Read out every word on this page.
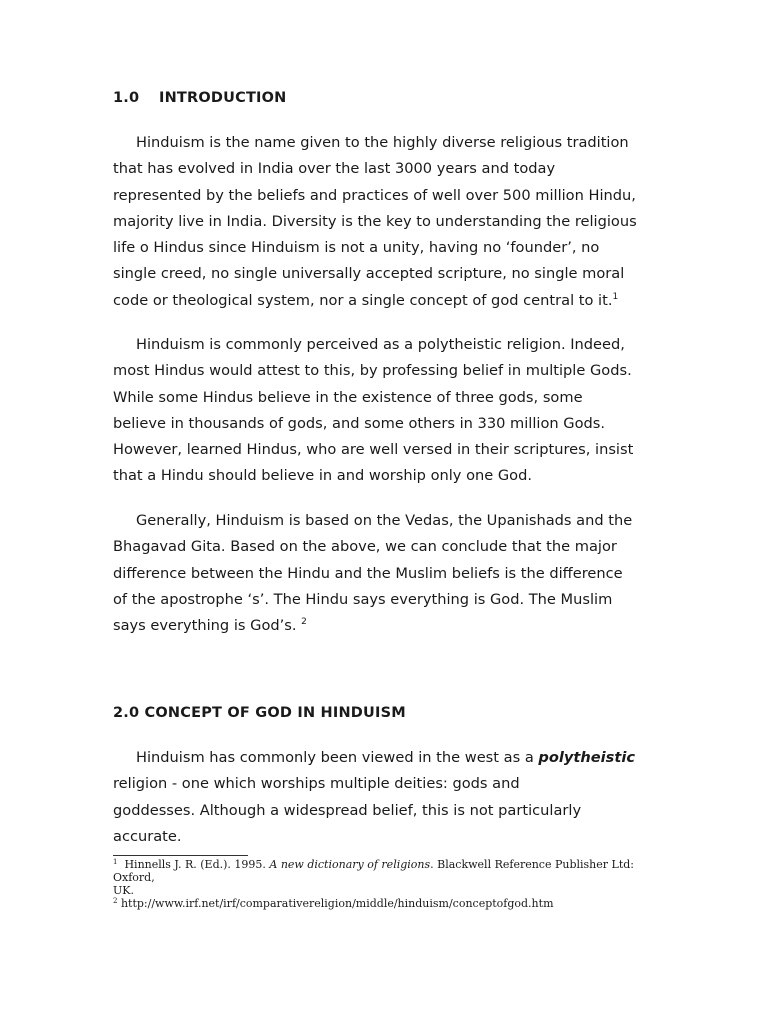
1.0 INTRODUCTION

Hinduism is the name given to the highly diverse religious tradition
that has evolved in India over the last 3000 years and today
represented by the beliefs and practices of well over 500 million Hindu,
majority live in India. Diversity is the key to understanding the religious
life o Hindus since Hinduism is not a unity, having no ‘founder’, no
single creed, no single universally accepted scripture, no single moral
code or theological system, nor a single concept of god central to it.$^1$

Hinduism is commonly perceived as a polytheistic religion. Indeed,
most Hindus would attest to this, by professing belief in multiple Gods.
While some Hindus believe in the existence of three gods, some
believe in thousands of gods, and some others in 330 million Gods.
However, learned Hindus, who are well versed in their scriptures, insist
that a Hindu should believe in and worship only one God.

Generally, Hinduism is based on the Vedas, the Upanishads and the
Bhagavad Gita. Based on the above, we can conclude that the major
difference between the Hindu and the Muslim beliefs is the difference
of the apostrophe ‘s’. The Hindu says everything is God. The Muslim
says everything is God’s. $^2$

2.0 CONCEPT OF GOD IN HINDUISM

Hinduism has commonly been viewed in the west as a polytheistic
religion - one which worships multiple deities: gods and
goddesses. Although a widespread belief, this is not particularly
accurate.

$^1$  Hinnells J. R. (Ed.). 1995. A new dictionary of religions. Blackwell Reference Publisher Ltd: Oxford,
UK.
$^2$ http://www.irf.net/irf/comparativereligion/middle/hinduism/conceptofgod.htm
